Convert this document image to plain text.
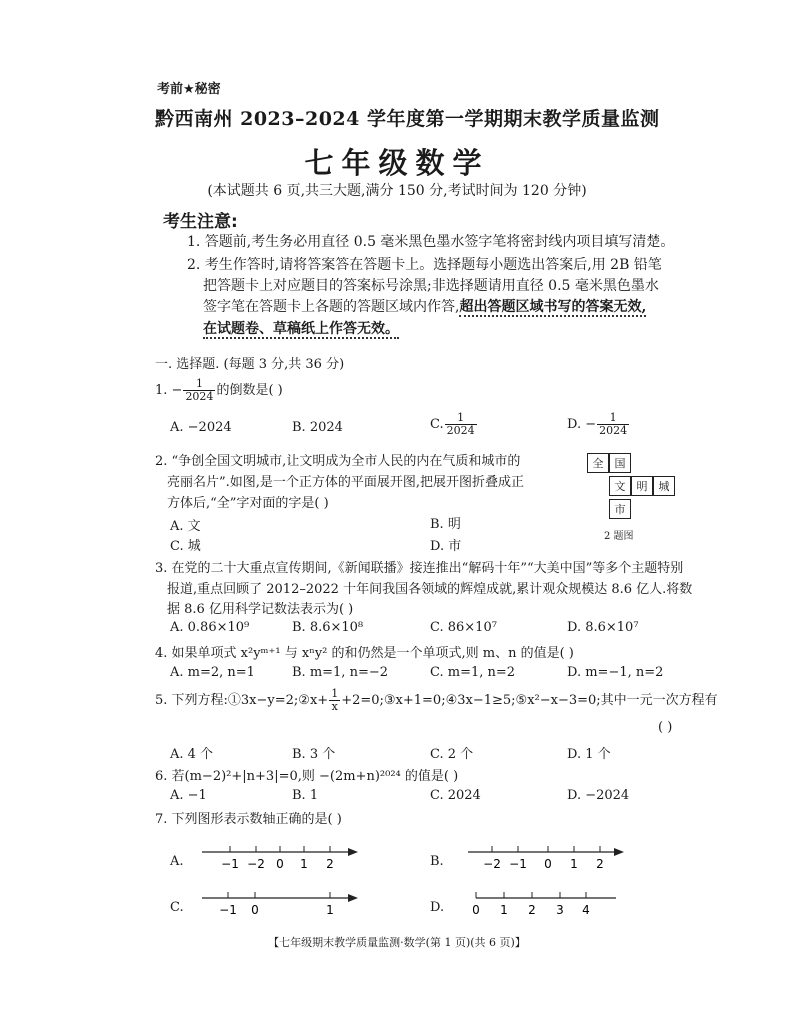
考前★秘密
黔西南州 2023–2024 学年度第一学期期末教学质量监测
七年级数学
(本试题共 6 页,共三大题,满分 150 分,考试时间为 120 分钟)
考生注意:
1. 答题前,考生务必用直径 0.5 毫米黑色墨水签字笔将密封线内项目填写清楚。
2. 考生作答时,请将答案答在答题卡上。选择题每小题选出答案后,用 2B 铅笔
把答题卡上对应题目的答案标号涂黑;非选择题请用直径 0.5 毫米黑色墨水
签字笔在答题卡上各题的答题区域内作答,超出答题区域书写的答案无效,
在试题卷、草稿纸上作答无效。
一. 选择题. (每题 3 分,共 36 分)
1. − $\frac{1}{2024}$ 的倒数是( )
A. −2024	B. 2024	C. $\frac{1}{2024}$	D. − $\frac{1}{2024}$
2. “争创全国文明城市,让文明成为全市人民的内在气质和城市的
亮丽名片”.如图,是一个正方体的平面展开图,把展开图折叠成正
方体后,“全”字对面的字是( )
A. 文	B. 明
C. 城	D. 市
全	国
文	明	城
市
2 题图
3. 在党的二十大重点宣传期间,《新闻联播》接连推出“解码十年”“大美中国”等多个主题特别
报道,重点回顾了 2012–2022 十年间我国各领域的辉煌成就,累计观众规模达 8.6 亿人.将数
据 8.6 亿用科学记数法表示为( )
A. 0.86×10⁹	B. 8.6×10⁸	C. 86×10⁷	D. 8.6×10⁷
4. 如果单项式 x²yᵐ⁺¹ 与 xⁿy² 的和仍然是一个单项式,则 m、n 的值是( )
A. m=2, n=1	B. m=1, n=−2	C. m=1, n=2	D. m=−1, n=2
5. 下列方程:①3x−y=2;②x+ $\frac{1}{x}$ +2=0;③x+1=0;④3x−1≥5;⑤x²−x−3=0;其中一元一次方程有
( )
A. 4 个	B. 3 个	C. 2 个	D. 1 个
6. 若(m−2)²+|n+3|=0,则 −(2m+n)²⁰²⁴ 的值是( )
A. −1	B. 1	C. 2024	D. −2024
7. 下列图形表示数轴正确的是( )
A.	−1 −2 0 1 2	B.	−2 −1 0 1 2
C.	−1 0	1	D. 0 1 2 3 4
【七年级期末教学质量监测·数学(第 1 页)(共 6 页)】
